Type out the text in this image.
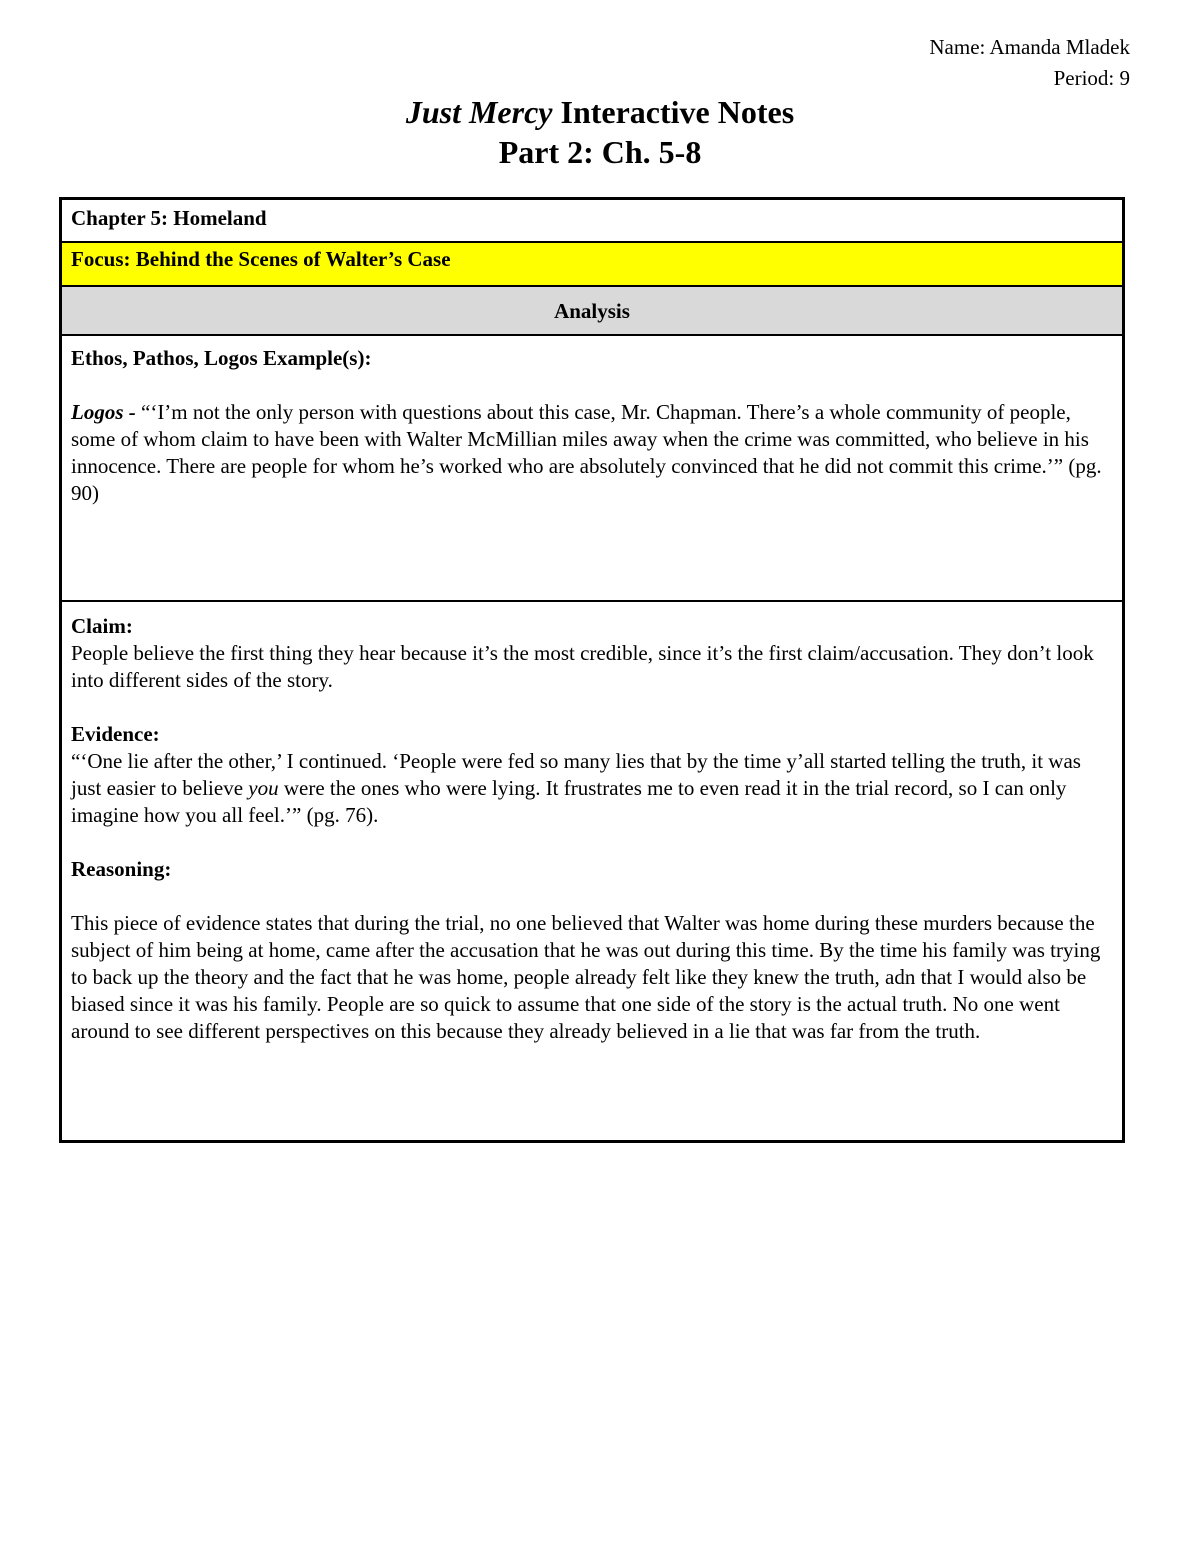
Name: Amanda Mladek
Period: 9
Just Mercy Interactive Notes
Part 2: Ch. 5-8
Chapter 5: Homeland
Focus: Behind the Scenes of Walter’s Case
Analysis

Ethos, Pathos, Logos Example(s):

Logos - “‘I’m not the only person with questions about this case, Mr. Chapman. There’s a whole community of people, some of whom claim to have been with Walter McMillian miles away when the crime was committed, who believe in his innocence. There are people for whom he’s worked who are absolutely convinced that he did not commit this crime.’” (pg. 90)

Claim:

People believe the first thing they hear because it’s the most credible, since it’s the first claim/accusation. They don’t look into different sides of the story.

Evidence:

“‘One lie after the other,’ I continued. ‘People were fed so many lies that by the time y’all started telling the truth, it was just easier to believe you were the ones who were lying. It frustrates me to even read it in the trial record, so I can only imagine how you all feel.’” (pg. 76).

Reasoning:

This piece of evidence states that during the trial, no one believed that Walter was home during these murders because the subject of him being at home, came after the accusation that he was out during this time. By the time his family was trying to back up the theory and the fact that he was home, people already felt like they knew the truth, adn that I would also be biased since it was his family. People are so quick to assume that one side of the story is the actual truth. No one went around to see different perspectives on this because they already believed in a lie that was far from the truth.
